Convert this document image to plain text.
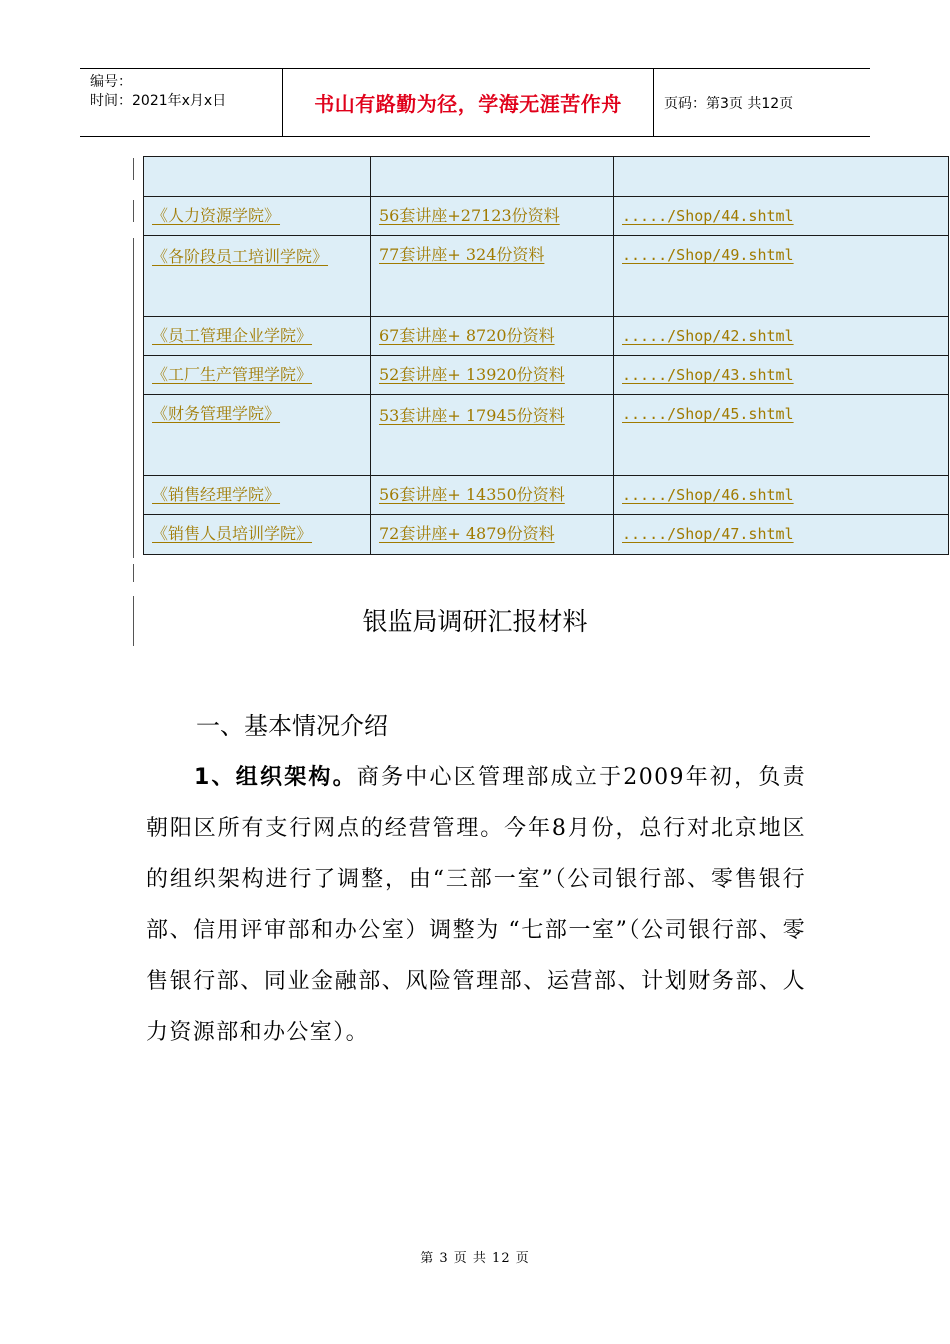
编号：
时间：2021年x月x日	书山有路勤为径，学海无涯苦作舟	页码：第3页 共12页

《人力资源学院》	56套讲座+27123份资料	...../Shop/44.shtml
《各阶段员工培训学院》	77套讲座+ 324份资料	...../Shop/49.shtml
《员工管理企业学院》	67套讲座+ 8720份资料	...../Shop/42.shtml
《工厂生产管理学院》	52套讲座+ 13920份资料	...../Shop/43.shtml
《财务管理学院》	53套讲座+ 17945份资料	...../Shop/45.shtml
《销售经理学院》	56套讲座+ 14350份资料	...../Shop/46.shtml
《销售人员培训学院》	72套讲座+ 4879份资料	...../Shop/47.shtml
银监局调研汇报材料
一、基本情况介绍
1、组织架构。商务中心区管理部成立于2009年初，负责朝阳区所有支行网点的经营管理。今年8月份，总行对北京地区的组织架构进行了调整，由“三部一室”（公司银行部、零售银行部、信用评审部和办公室）调整为 “七部一室”（公司银行部、零售银行部、同业金融部、风险管理部、运营部、计划财务部、人力资源部和办公室）。
第 3 页 共 12 页
